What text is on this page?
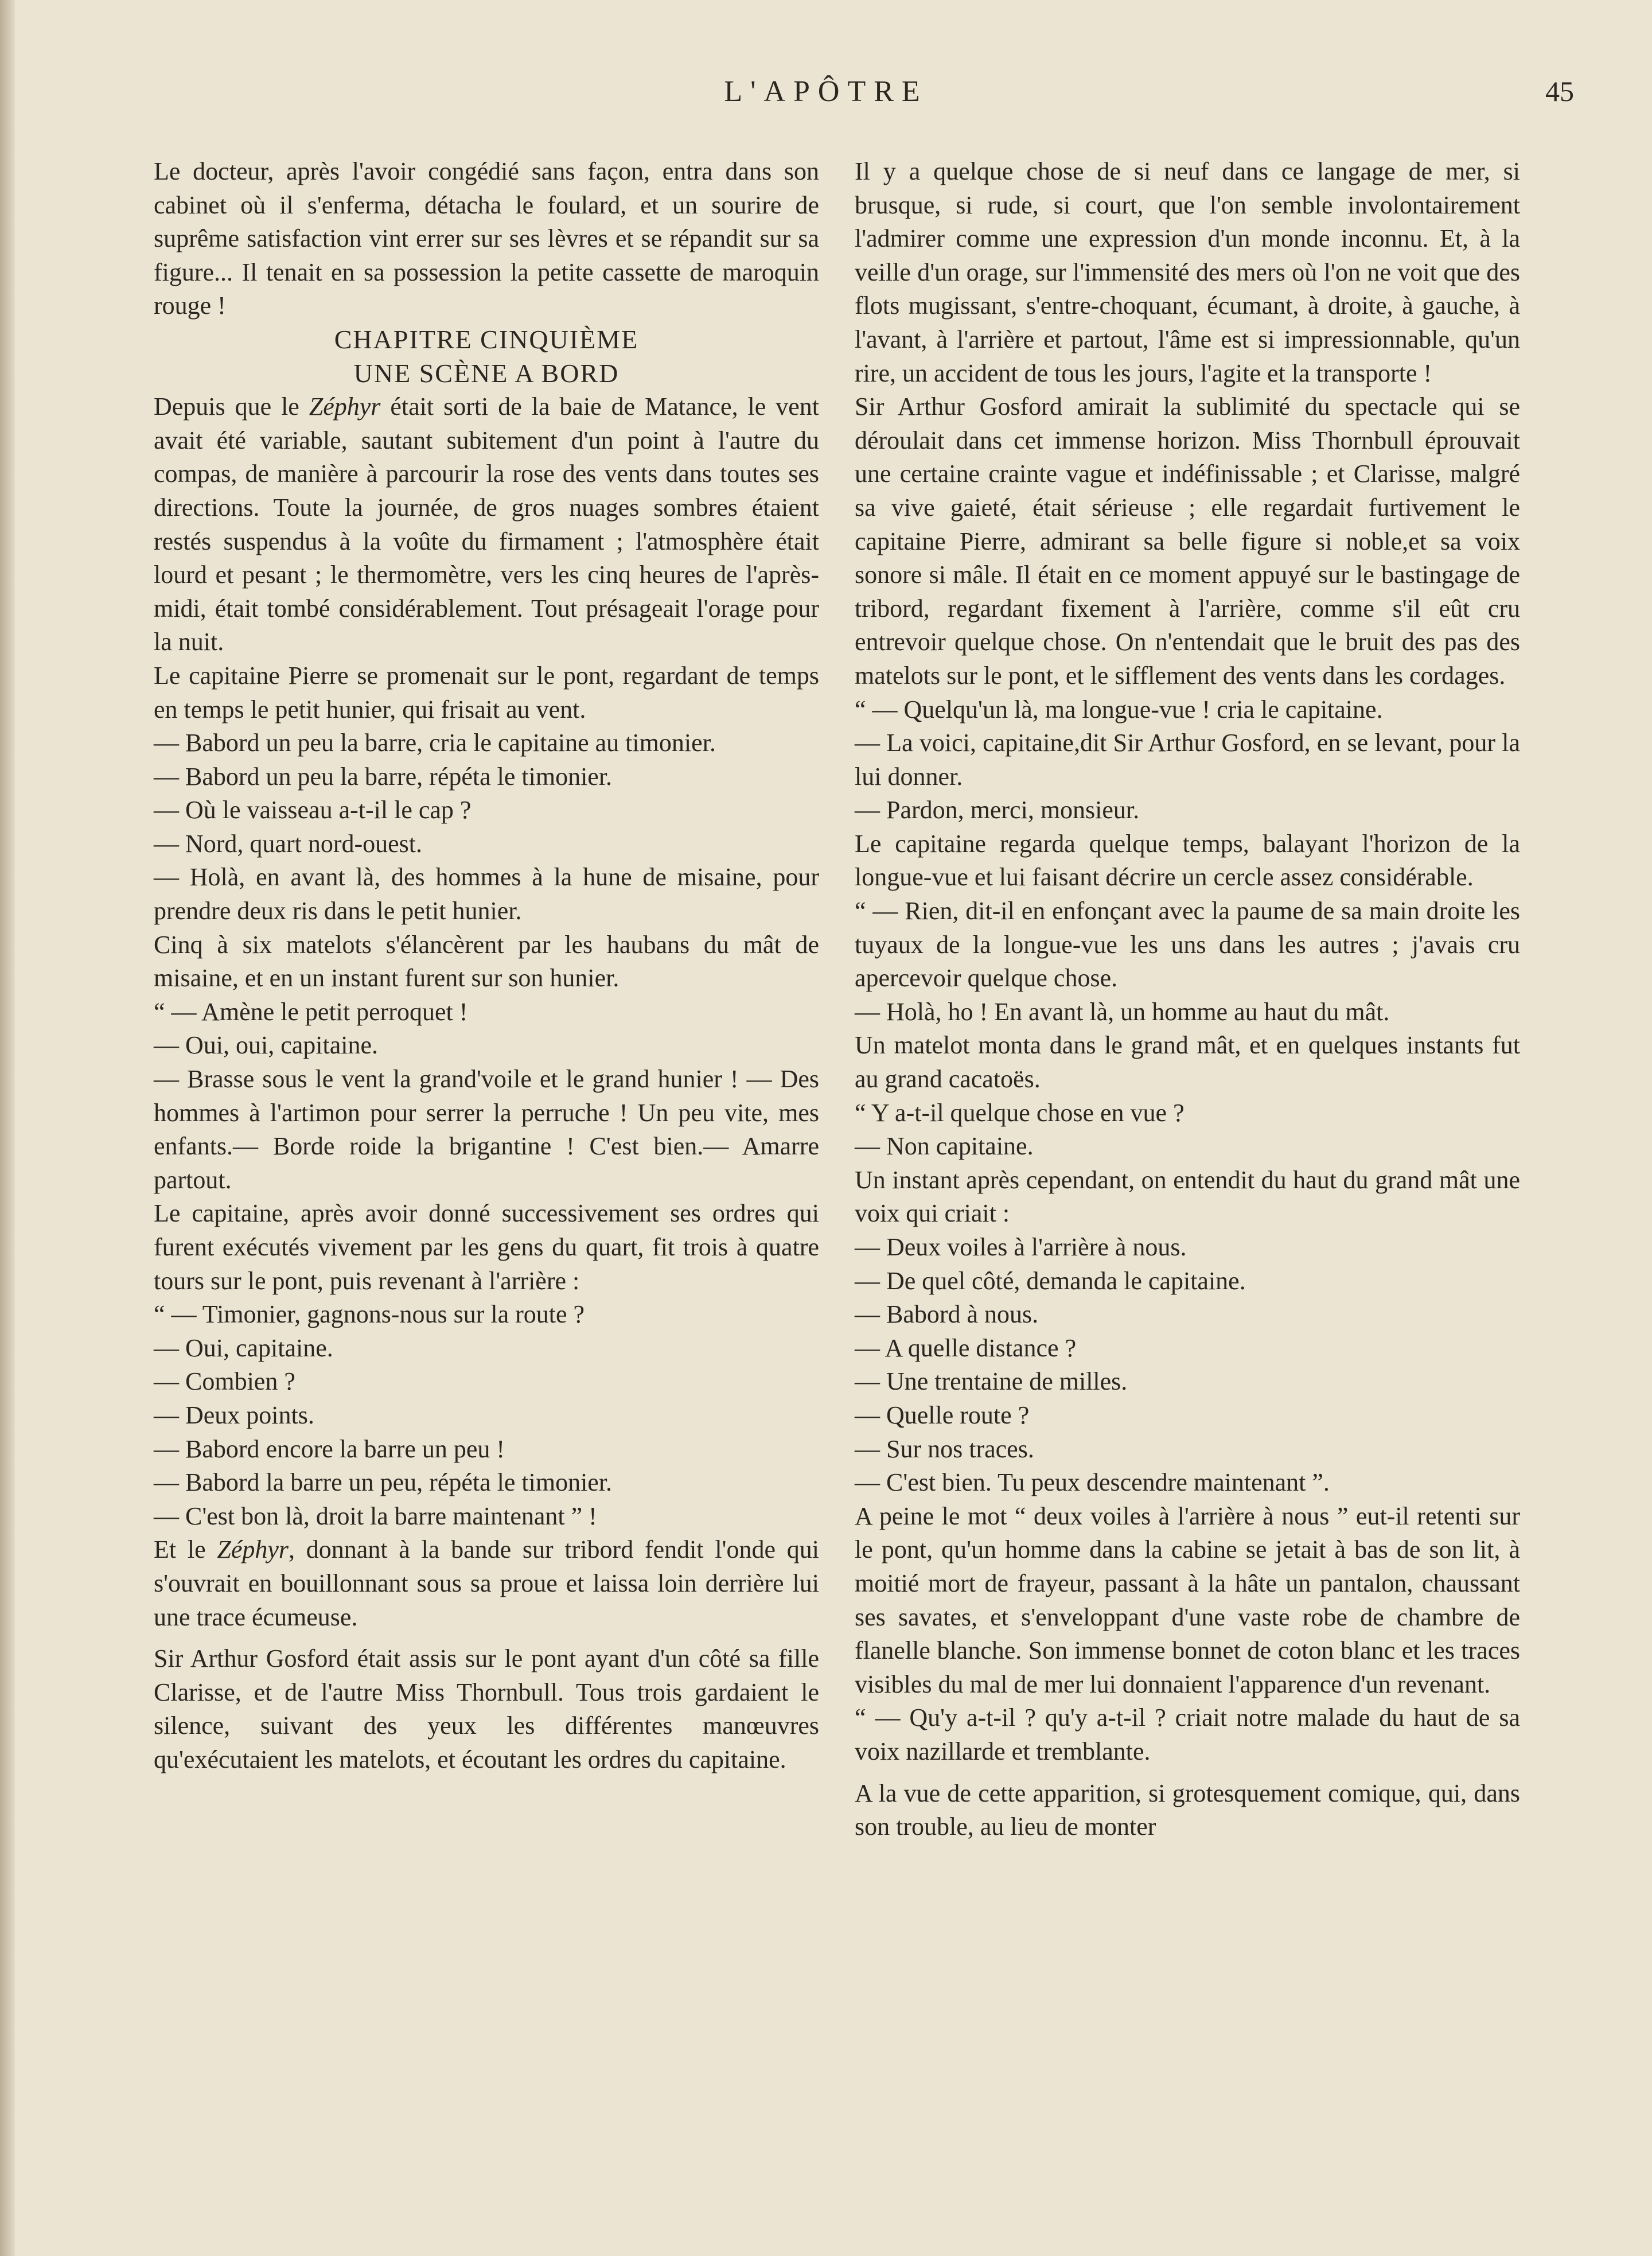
L'APÔTRE	45

Le docteur, après l'avoir congédié sans façon, entra dans son cabinet où il s'enferma, détacha le foulard, et un sourire de suprême satisfaction vint errer sur ses lèvres et se répandit sur sa figure... Il tenait en sa possession la petite cassette de maroquin rouge !

CHAPITRE CINQUIÈME

UNE SCÈNE A BORD

Depuis que le Zéphyr était sorti de la baie de Matance, le vent avait été variable, sautant subitement d'un point à l'autre du compas, de manière à parcourir la rose des vents dans toutes ses directions. Toute la journée, de gros nuages sombres étaient restés suspendus à la voûte du firmament ; l'atmosphère était lourd et pesant ; le thermomètre, vers les cinq heures de l'après-midi, était tombé considérablement. Tout présageait l'orage pour la nuit.

Le capitaine Pierre se promenait sur le pont, regardant de temps en temps le petit hunier, qui frisait au vent.

— Babord un peu la barre, cria le capitaine au timonier.

— Babord un peu la barre, répéta le timonier.

— Où le vaisseau a-t-il le cap ?

— Nord, quart nord-ouest.

— Holà, en avant là, des hommes à la hune de misaine, pour prendre deux ris dans le petit hunier.

Cinq à six matelots s'élancèrent par les haubans du mât de misaine, et en un instant furent sur son hunier.

“ — Amène le petit perroquet !

— Oui, oui, capitaine.

— Brasse sous le vent la grand'voile et le grand hunier ! — Des hommes à l'artimon pour serrer la perruche ! Un peu vite, mes enfants.— Borde roide la brigantine ! C'est bien.— Amarre partout.

Le capitaine, après avoir donné successivement ses ordres qui furent exécutés vivement par les gens du quart, fit trois à quatre tours sur le pont, puis revenant à l'arrière :

“ — Timonier, gagnons-nous sur la route ?

— Oui, capitaine.

— Combien ?

— Deux points.

— Babord encore la barre un peu !

— Babord la barre un peu, répéta le timonier.

— C'est bon là, droit la barre maintenant ” !

Et le Zéphyr, donnant à la bande sur tribord fendit l'onde qui s'ouvrait en bouillonnant sous sa proue et laissa loin derrière lui une trace écumeuse.

Sir Arthur Gosford était assis sur le pont ayant d'un côté sa fille Clarisse, et de l'autre Miss Thornbull. Tous trois gardaient le silence, suivant des yeux les différentes manœuvres qu'exécutaient les matelots, et écoutant les ordres du capitaine.

Il y a quelque chose de si neuf dans ce langage de mer, si brusque, si rude, si court, que l'on semble involontairement l'admirer comme une expression d'un monde inconnu. Et, à la veille d'un orage, sur l'immensité des mers où l'on ne voit que des flots mugissant, s'entre-choquant, écumant, à droite, à gauche, à l'avant, à l'arrière et partout, l'âme est si impressionnable, qu'un rire, un accident de tous les jours, l'agite et la transporte !

Sir Arthur Gosford amirait la sublimité du spectacle qui se déroulait dans cet immense horizon. Miss Thornbull éprouvait une certaine crainte vague et indéfinissable ; et Clarisse, malgré sa vive gaieté, était sérieuse ; elle regardait furtivement le capitaine Pierre, admirant sa belle figure si noble,et sa voix sonore si mâle. Il était en ce moment appuyé sur le bastingage de tribord, regardant fixement à l'arrière, comme s'il eût cru entrevoir quelque chose. On n'entendait que le bruit des pas des matelots sur le pont, et le sifflement des vents dans les cordages.

“ — Quelqu'un là, ma longue-vue ! cria le capitaine.

— La voici, capitaine,dit Sir Arthur Gosford, en se levant, pour la lui donner.

— Pardon, merci, monsieur.

Le capitaine regarda quelque temps, balayant l'horizon de la longue-vue et lui faisant décrire un cercle assez considérable.

“ — Rien, dit-il en enfonçant avec la paume de sa main droite les tuyaux de la longue-vue les uns dans les autres ; j'avais cru apercevoir quelque chose.

— Holà, ho ! En avant là, un homme au haut du mât.

Un matelot monta dans le grand mât, et en quelques instants fut au grand cacatoës.

“ Y a-t-il quelque chose en vue ?

— Non capitaine.

Un instant après cependant, on entendit du haut du grand mât une voix qui criait :

— Deux voiles à l'arrière à nous.

— De quel côté, demanda le capitaine.

— Babord à nous.

— A quelle distance ?

— Une trentaine de milles.

— Quelle route ?

— Sur nos traces.

— C'est bien. Tu peux descendre maintenant ”.

A peine le mot “ deux voiles à l'arrière à nous ” eut-il retenti sur le pont, qu'un homme dans la cabine se jetait à bas de son lit, à moitié mort de frayeur, passant à la hâte un pantalon, chaussant ses savates, et s'enveloppant d'une vaste robe de chambre de flanelle blanche. Son immense bonnet de coton blanc et les traces visibles du mal de mer lui donnaient l'apparence d'un revenant.

“ — Qu'y a-t-il ? qu'y a-t-il ? criait notre malade du haut de sa voix nazillarde et tremblante.

A la vue de cette apparition, si grotesquement comique, qui, dans son trouble, au lieu de monter
